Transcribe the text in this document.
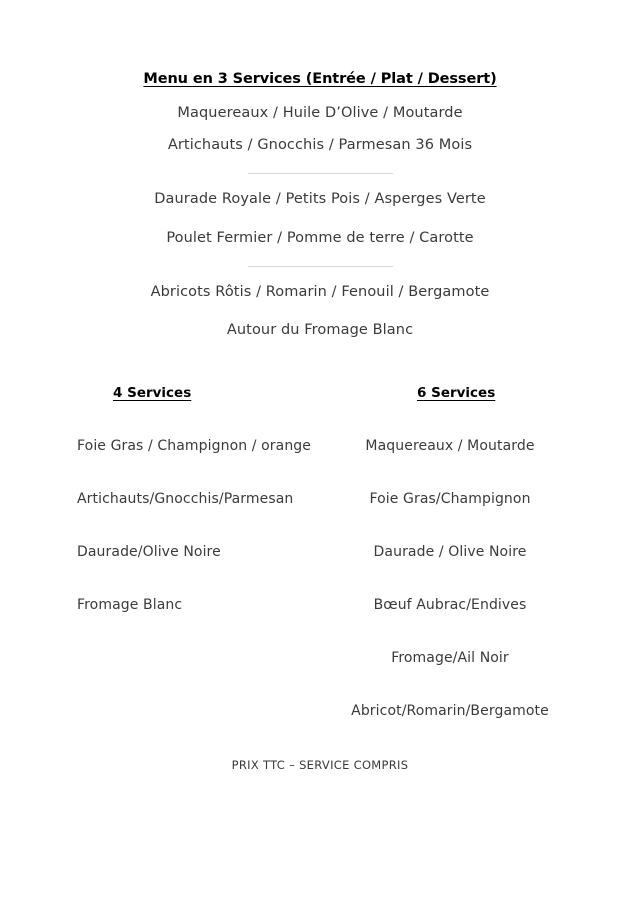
Menu en 3 Services (Entrée / Plat / Dessert)
Maquereaux / Huile D’Olive / Moutarde
Artichauts / Gnocchis / Parmesan 36 Mois
Daurade Royale / Petits Pois / Asperges Verte
Poulet Fermier / Pomme de terre / Carotte
Abricots Rôtis / Romarin / Fenouil / Bergamote
Autour du Fromage Blanc
4 Services	6 Services
Foie Gras / Champignon / orange
Artichauts/Gnocchis/Parmesan
Daurade/Olive Noire
Fromage Blanc
Maquereaux / Moutarde
Foie Gras/Champignon
Daurade / Olive Noire
Bœuf Aubrac/Endives
Fromage/Ail Noir
Abricot/Romarin/Bergamote
PRIX TTC – SERVICE COMPRIS
